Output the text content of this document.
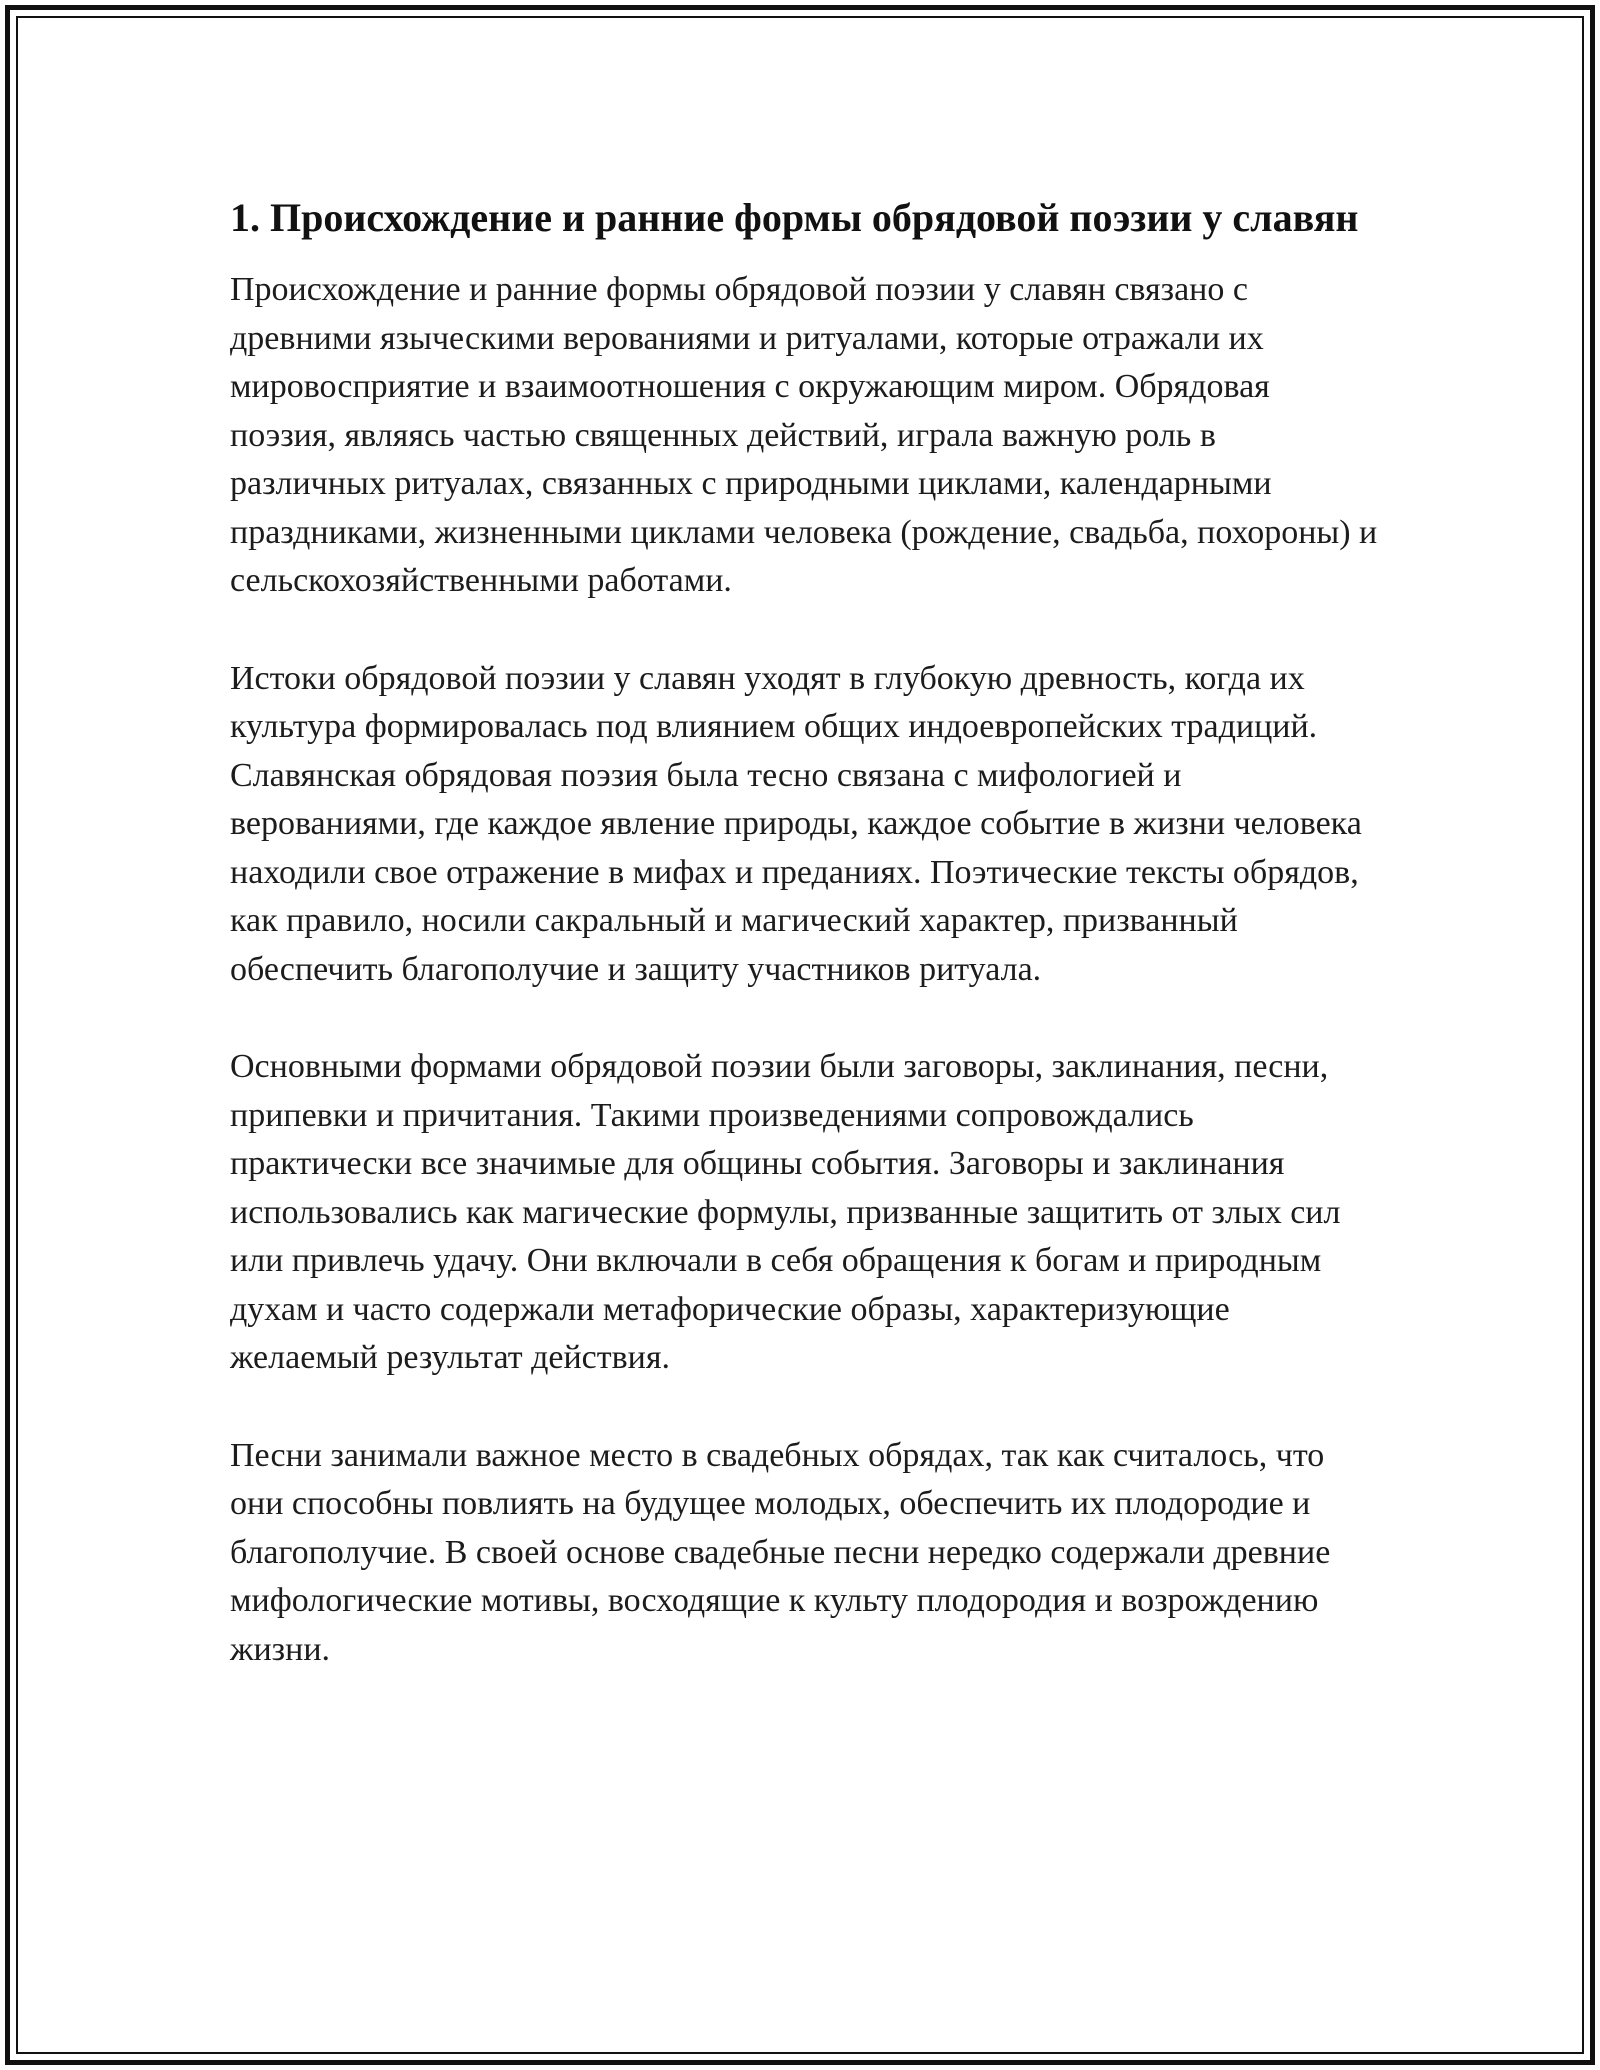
1. Происхождение и ранние формы обрядовой поэзии у славян

Происхождение и ранние формы обрядовой поэзии у славян связано с древними языческими верованиями и ритуалами, которые отражали их мировосприятие и взаимоотношения с окружающим миром. Обрядовая поэзия, являясь частью священных действий, играла важную роль в различных ритуалах, связанных с природными циклами, календарными праздниками, жизненными циклами человека (рождение, свадьба, похороны) и сельскохозяйственными работами.

Истоки обрядовой поэзии у славян уходят в глубокую древность, когда их культура формировалась под влиянием общих индоевропейских традиций. Славянская обрядовая поэзия была тесно связана с мифологией и верованиями, где каждое явление природы, каждое событие в жизни человека находили свое отражение в мифах и преданиях. Поэтические тексты обрядов, как правило, носили сакральный и магический характер, призванный обеспечить благополучие и защиту участников ритуала.

Основными формами обрядовой поэзии были заговоры, заклинания, песни, припевки и причитания. Такими произведениями сопровождались практически все значимые для общины события. Заговоры и заклинания использовались как магические формулы, призванные защитить от злых сил или привлечь удачу. Они включали в себя обращения к богам и природным духам и часто содержали метафорические образы, характеризующие желаемый результат действия.

Песни занимали важное место в свадебных обрядах, так как считалось, что они способны повлиять на будущее молодых, обеспечить их плодородие и благополучие. В своей основе свадебные песни нередко содержали древние мифологические мотивы, восходящие к культу плодородия и возрождению жизни.
